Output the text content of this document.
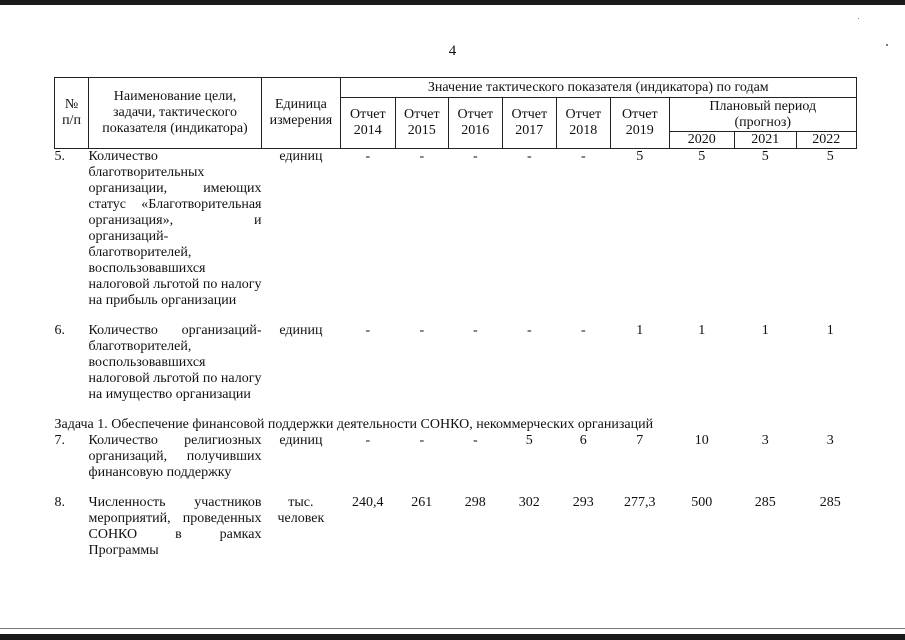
4
№ п/п	Наименование цели, задачи, тактического показателя (индикатора)	Единица измерения	Значение тактического показателя (индикатора) по годам								
			Отчет 2014	Отчет 2015	Отчет 2016	Отчет 2017	Отчет 2018	Отчет 2019	Плановый период (прогноз)		
									2020	2021	2022
5.	Количество благотворительных организации, имеющих статус «Благотворительная организация», и организаций-благотворителей, воспользовавшихся налоговой льготой по налогу на прибыль организации	единиц	-	-	-	-	-	5	5	5	5
6.	Количество организаций-благотворителей, воспользовавшихся налоговой льготой по налогу на имущество организации	единиц	-	-	-	-	-	1	1	1	1
Задача 1. Обеспечение финансовой поддержки деятельности СОНКО, некоммерческих организаций											
7.	Количество религиозных организаций, получивших финансовую поддержку	единиц	-	-	-	5	6	7	10	3	3
8.	Численность участников мероприятий, проведенных СОНКО в рамках Программы	тыс. человек	240,4	261	298	302	293	277,3	500	285	285
